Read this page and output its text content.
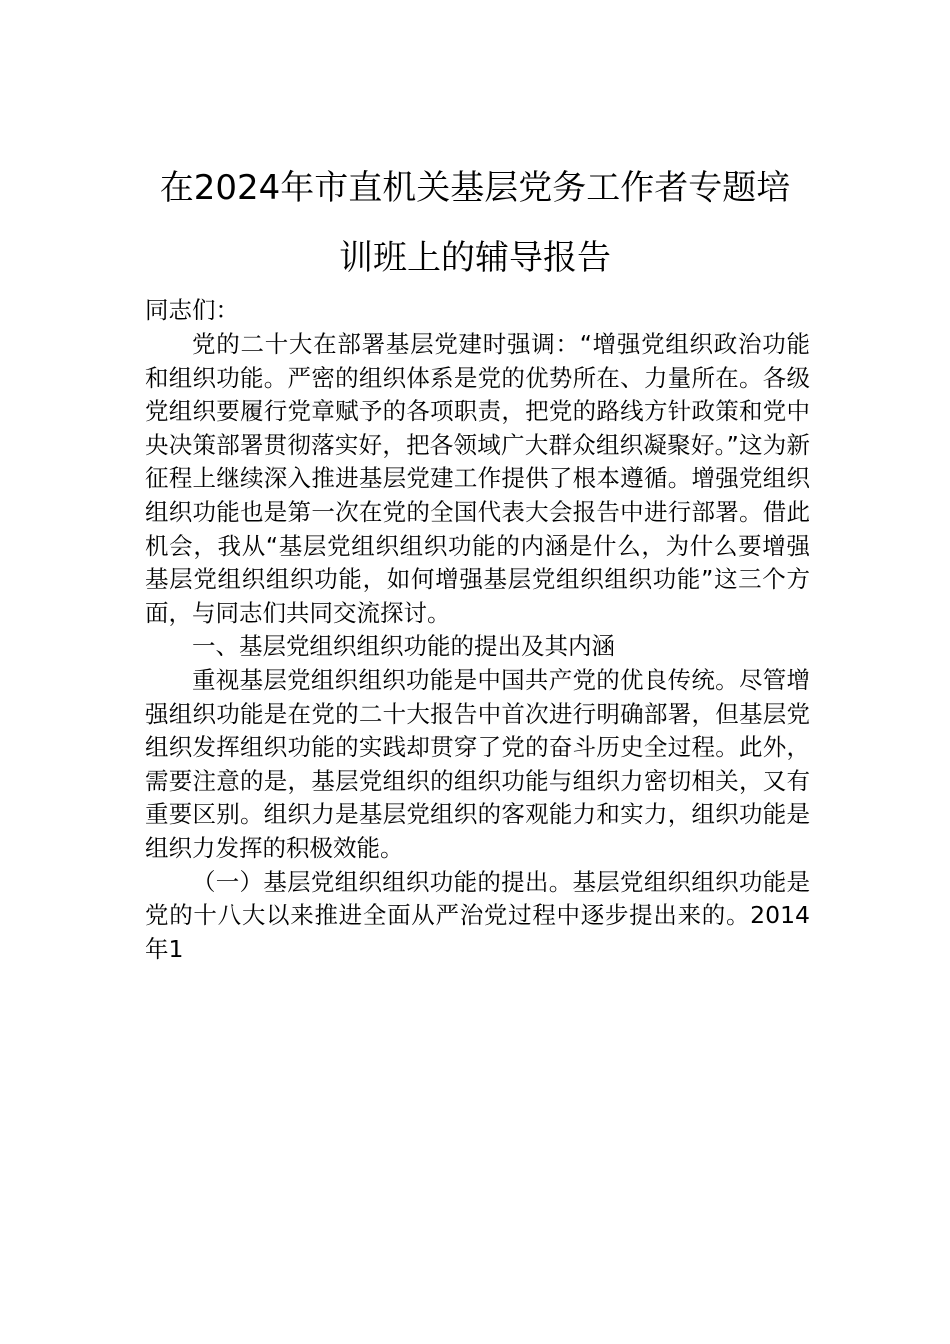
在2024年市直机关基层党务工作者专题培
训班上的辅导报告
同志们：

党的二十大在部署基层党建时强调：“增强党组织政治功能和组织功能。严密的组织体系是党的优势所在、力量所在。各级党组织要履行党章赋予的各项职责，把党的路线方针政策和党中央决策部署贯彻落实好，把各领域广大群众组织凝聚好。”这为新征程上继续深入推进基层党建工作提供了根本遵循。增强党组织组织功能也是第一次在党的全国代表大会报告中进行部署。借此机会，我从“基层党组织组织功能的内涵是什么，为什么要增强基层党组织组织功能，如何增强基层党组织组织功能”这三个方面，与同志们共同交流探讨。

一、基层党组织组织功能的提出及其内涵

重视基层党组织组织功能是中国共产党的优良传统。尽管增强组织功能是在党的二十大报告中首次进行明确部署，但基层党组织发挥组织功能的实践却贯穿了党的奋斗历史全过程。此外，需要注意的是，基层党组织的组织功能与组织力密切相关，又有重要区别。组织力是基层党组织的客观能力和实力，组织功能是组织力发挥的积极效能。

（一）基层党组织组织功能的提出。基层党组织组织功能是党的十八大以来推进全面从严治党过程中逐步提出来的。2014年1
